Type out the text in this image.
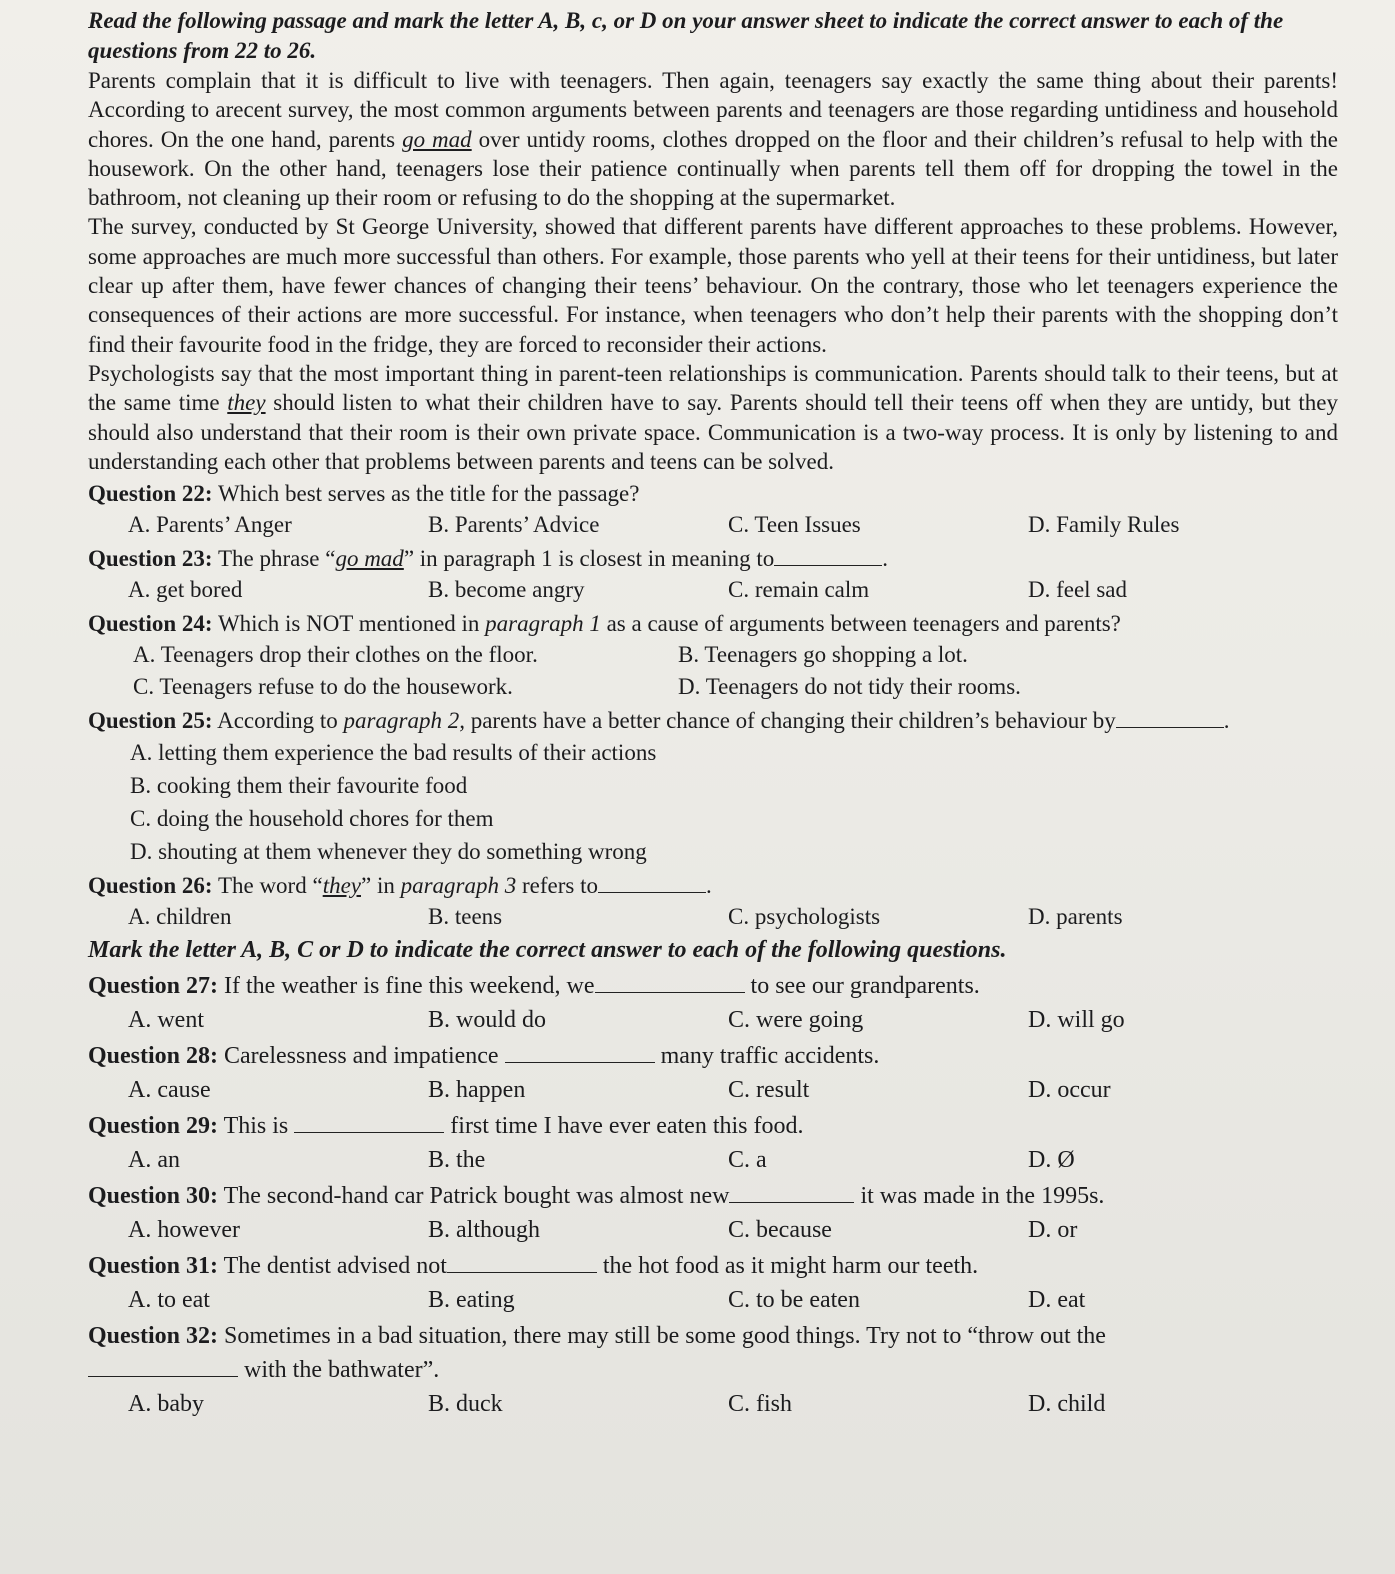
Read the following passage and mark the letter A, B, c, or D on your answer sheet to indicate the correct answer to each of the questions from 22 to 26.

Parents complain that it is difficult to live with teenagers. Then again, teenagers say exactly the same thing about their parents! According to arecent survey, the most common arguments between parents and teenagers are those regarding untidiness and household chores. On the one hand, parents go mad over untidy rooms, clothes dropped on the floor and their children’s refusal to help with the housework. On the other hand, teenagers lose their patience continually when parents tell them off for dropping the towel in the bathroom, not cleaning up their room or refusing to do the shopping at the supermarket.

The survey, conducted by St George University, showed that different parents have different approaches to these problems. However, some approaches are much more successful than others. For example, those parents who yell at their teens for their untidiness, but later clear up after them, have fewer chances of changing their teens’ behaviour. On the contrary, those who let teenagers experience the consequences of their actions are more successful. For instance, when teenagers who don’t help their parents with the shopping don’t find their favourite food in the fridge, they are forced to reconsider their actions.

Psychologists say that the most important thing in parent-teen relationships is communication. Parents should talk to their teens, but at the same time they should listen to what their children have to say. Parents should tell their teens off when they are untidy, but they should also understand that their room is their own private space. Communication is a two-way process. It is only by listening to and understanding each other that problems between parents and teens can be solved.

Question 22: Which best serves as the title for the passage?

A. Parents’ Anger	B. Parents’ Advice	C. Teen Issues	D. Family Rules

Question 23: The phrase “go mad” in paragraph 1 is closest in meaning to	.

A. get bored	B. become angry	C. remain calm	D. feel sad

Question 24: Which is NOT mentioned in paragraph 1 as a cause of arguments between teenagers and parents?

A. Teenagers drop their clothes on the floor.	B. Teenagers go shopping a lot.
C. Teenagers refuse to do the housework.	D. Teenagers do not tidy their rooms.

Question 25: According to paragraph 2, parents have a better chance of changing their children’s behaviour by	.

A. letting them experience the bad results of their actions
B. cooking them their favourite food
C. doing the household chores for them
D. shouting at them whenever they do something wrong

Question 26: The word “they” in paragraph 3 refers to	.

A. children	B. teens	C. psychologists	D. parents

Mark the letter A, B, C or D to indicate the correct answer to each of the following questions.

Question 27: If the weather is fine this weekend, we	to see our grandparents.

A. went	B. would do	C. were going	D. will go

Question 28: Carelessness and impatience	many traffic accidents.

A. cause	B. happen	C. result	D. occur

Question 29: This is	first time I have ever eaten this food.

A. an	B. the	C. a	D. Ø

Question 30: The second-hand car Patrick bought was almost new	it was made in the 1995s.

A. however	B. although	C. because	D. or

Question 31: The dentist advised not	the hot food as it might harm our teeth.

A. to eat	B. eating	C. to be eaten	D. eat

Question 32: Sometimes in a bad situation, there may still be some good things. Try not to “throw out the

with the bathwater”.

A. baby	B. duck	C. fish	D. child
